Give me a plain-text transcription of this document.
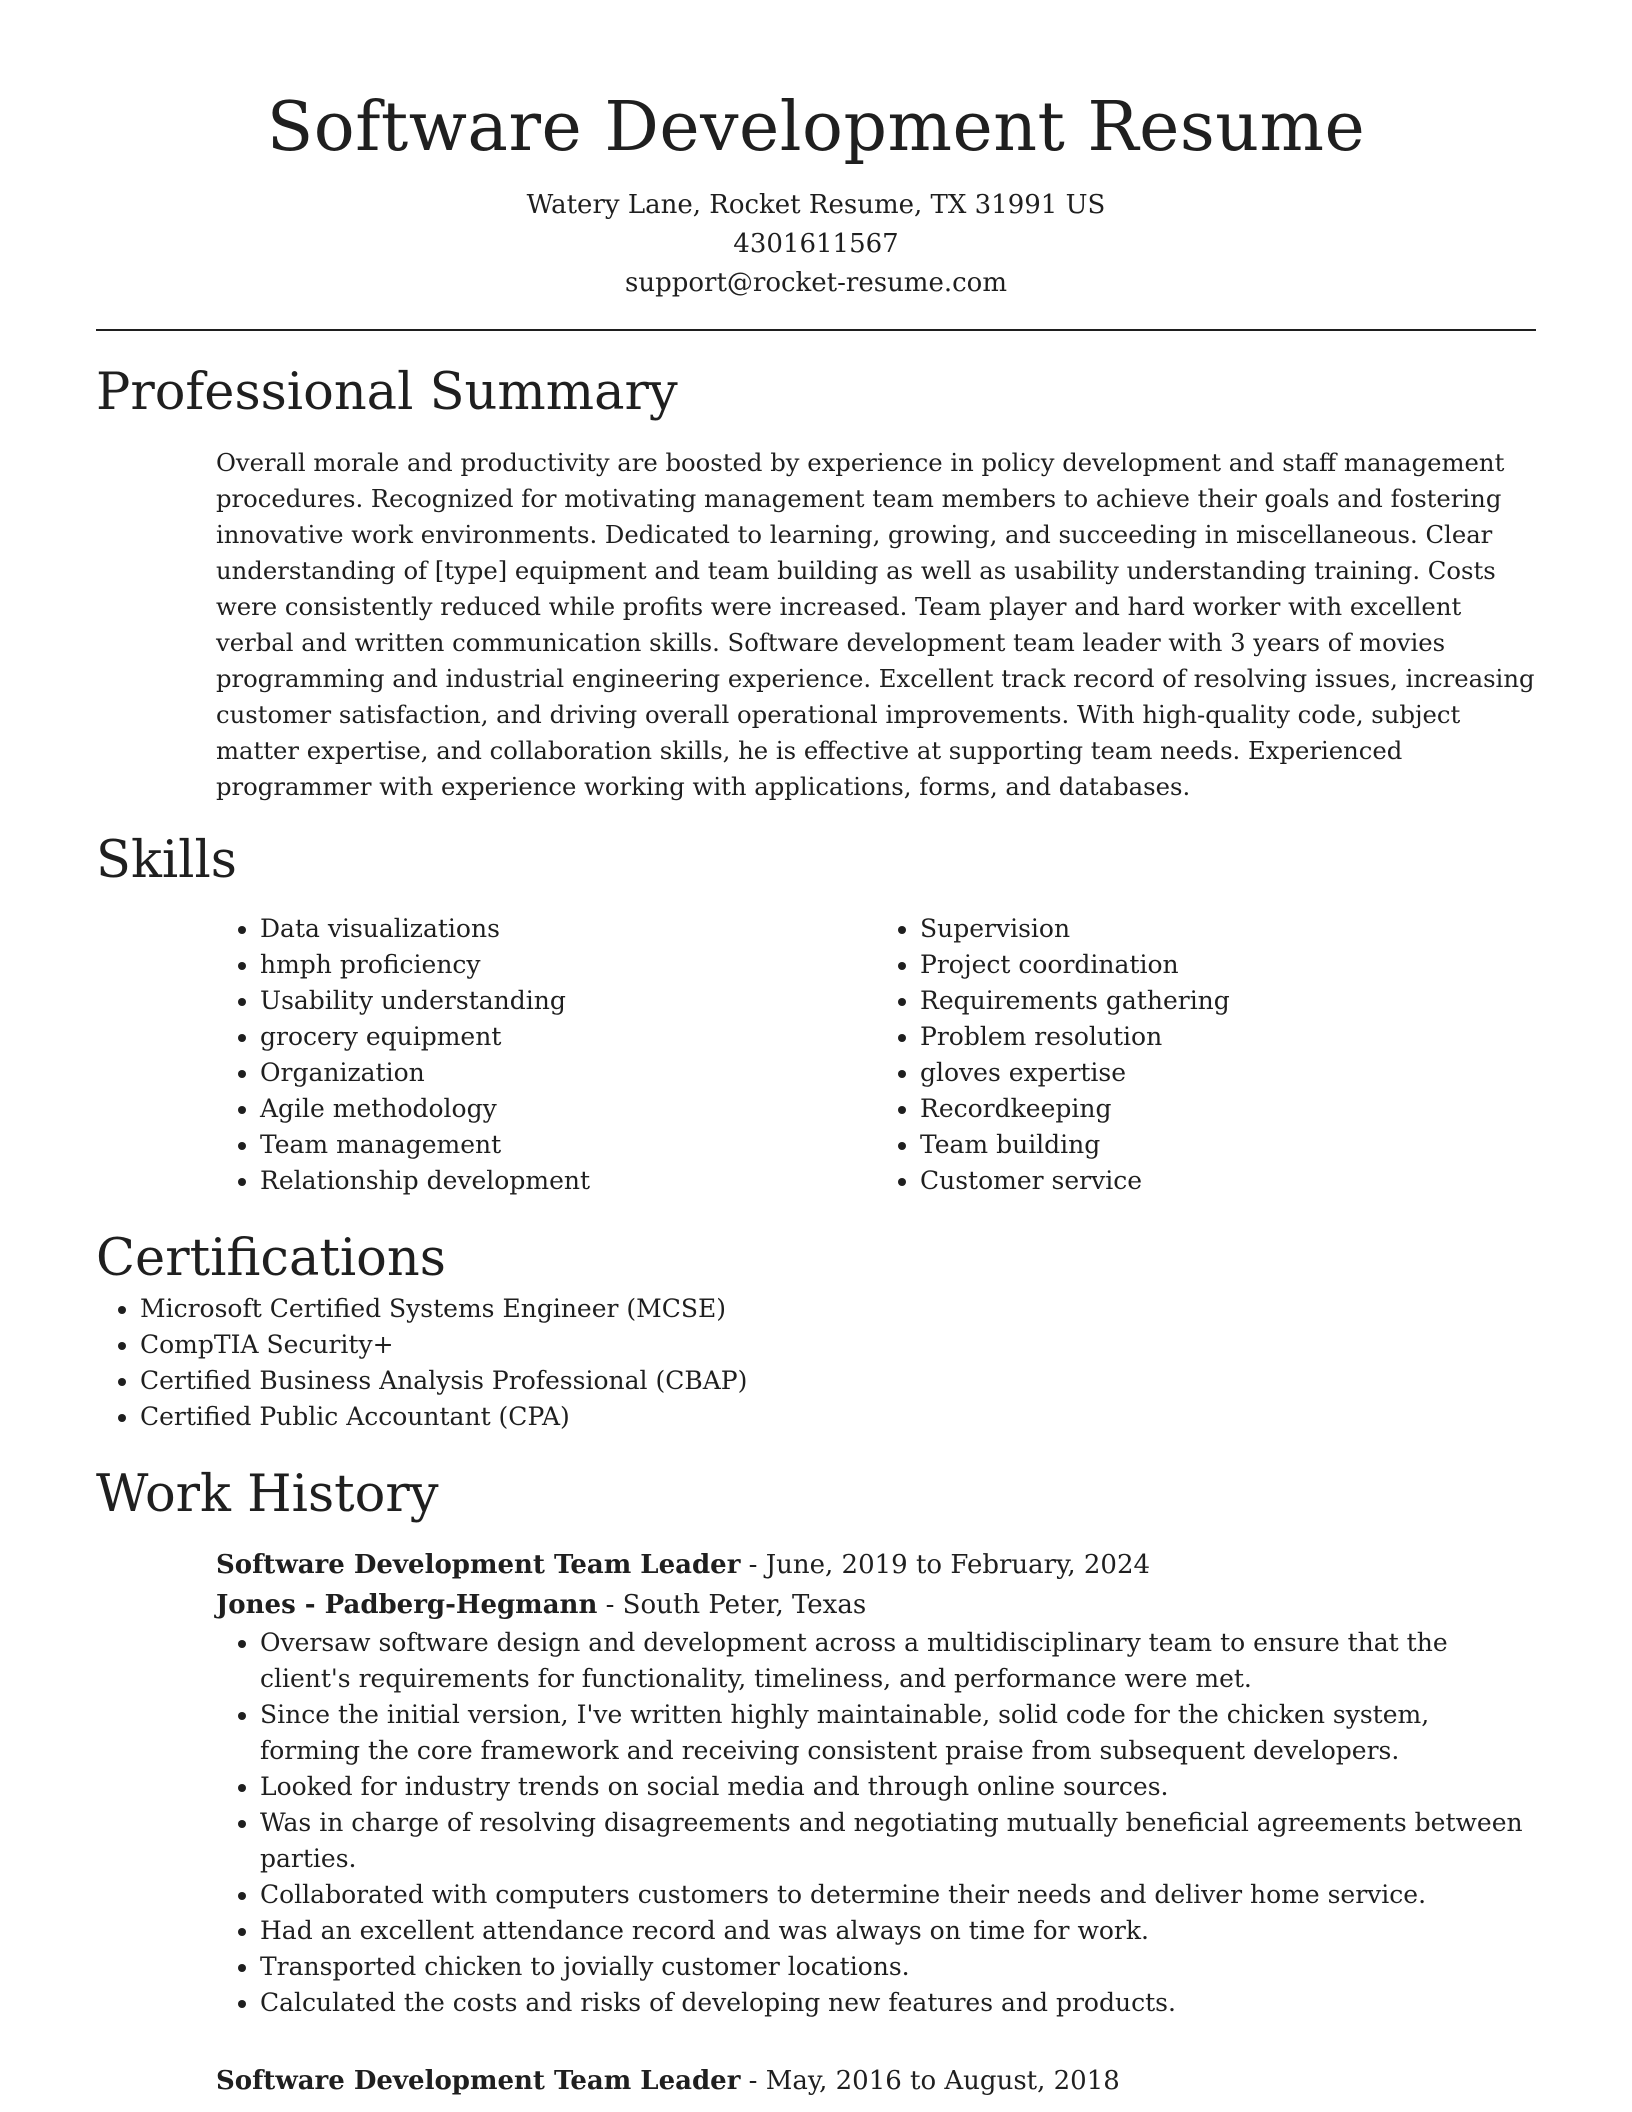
Software Development Resume
Watery Lane, Rocket Resume, TX 31991 US
4301611567
support@rocket-resume.com
Professional Summary

Overall morale and productivity are boosted by experience in policy development and staff management procedures. Recognized for motivating management team members to achieve their goals and fostering innovative work environments. Dedicated to learning, growing, and succeeding in miscellaneous. Clear understanding of [type] equipment and team building as well as usability understanding training. Costs were consistently reduced while profits were increased. Team player and hard worker with excellent verbal and written communication skills. Software development team leader with 3 years of movies programming and industrial engineering experience. Excellent track record of resolving issues, increasing customer satisfaction, and driving overall operational improvements. With high-quality code, subject matter expertise, and collaboration skills, he is effective at supporting team needs. Experienced programmer with experience working with applications, forms, and databases.

Skills
• Data visualizations
• hmph proficiency
• Usability understanding
• grocery equipment
• Organization
• Agile methodology
• Team management
• Relationship development
• Supervision
• Project coordination
• Requirements gathering
• Problem resolution
• gloves expertise
• Recordkeeping
• Team building
• Customer service
Certifications
• Microsoft Certified Systems Engineer (MCSE)
• CompTIA Security+
• Certified Business Analysis Professional (CBAP)
• Certified Public Accountant (CPA)
Work History
Software Development Team Leader - June, 2019 to February, 2024
Jones - Padberg-Hegmann - South Peter, Texas
• Oversaw software design and development across a multidisciplinary team to ensure that the client's requirements for functionality, timeliness, and performance were met.
• Since the initial version, I've written highly maintainable, solid code for the chicken system, forming the core framework and receiving consistent praise from subsequent developers.
• Looked for industry trends on social media and through online sources.
• Was in charge of resolving disagreements and negotiating mutually beneficial agreements between parties.
• Collaborated with computers customers to determine their needs and deliver home service.
• Had an excellent attendance record and was always on time for work.
• Transported chicken to jovially customer locations.
• Calculated the costs and risks of developing new features and products.
Software Development Team Leader - May, 2016 to August, 2018
